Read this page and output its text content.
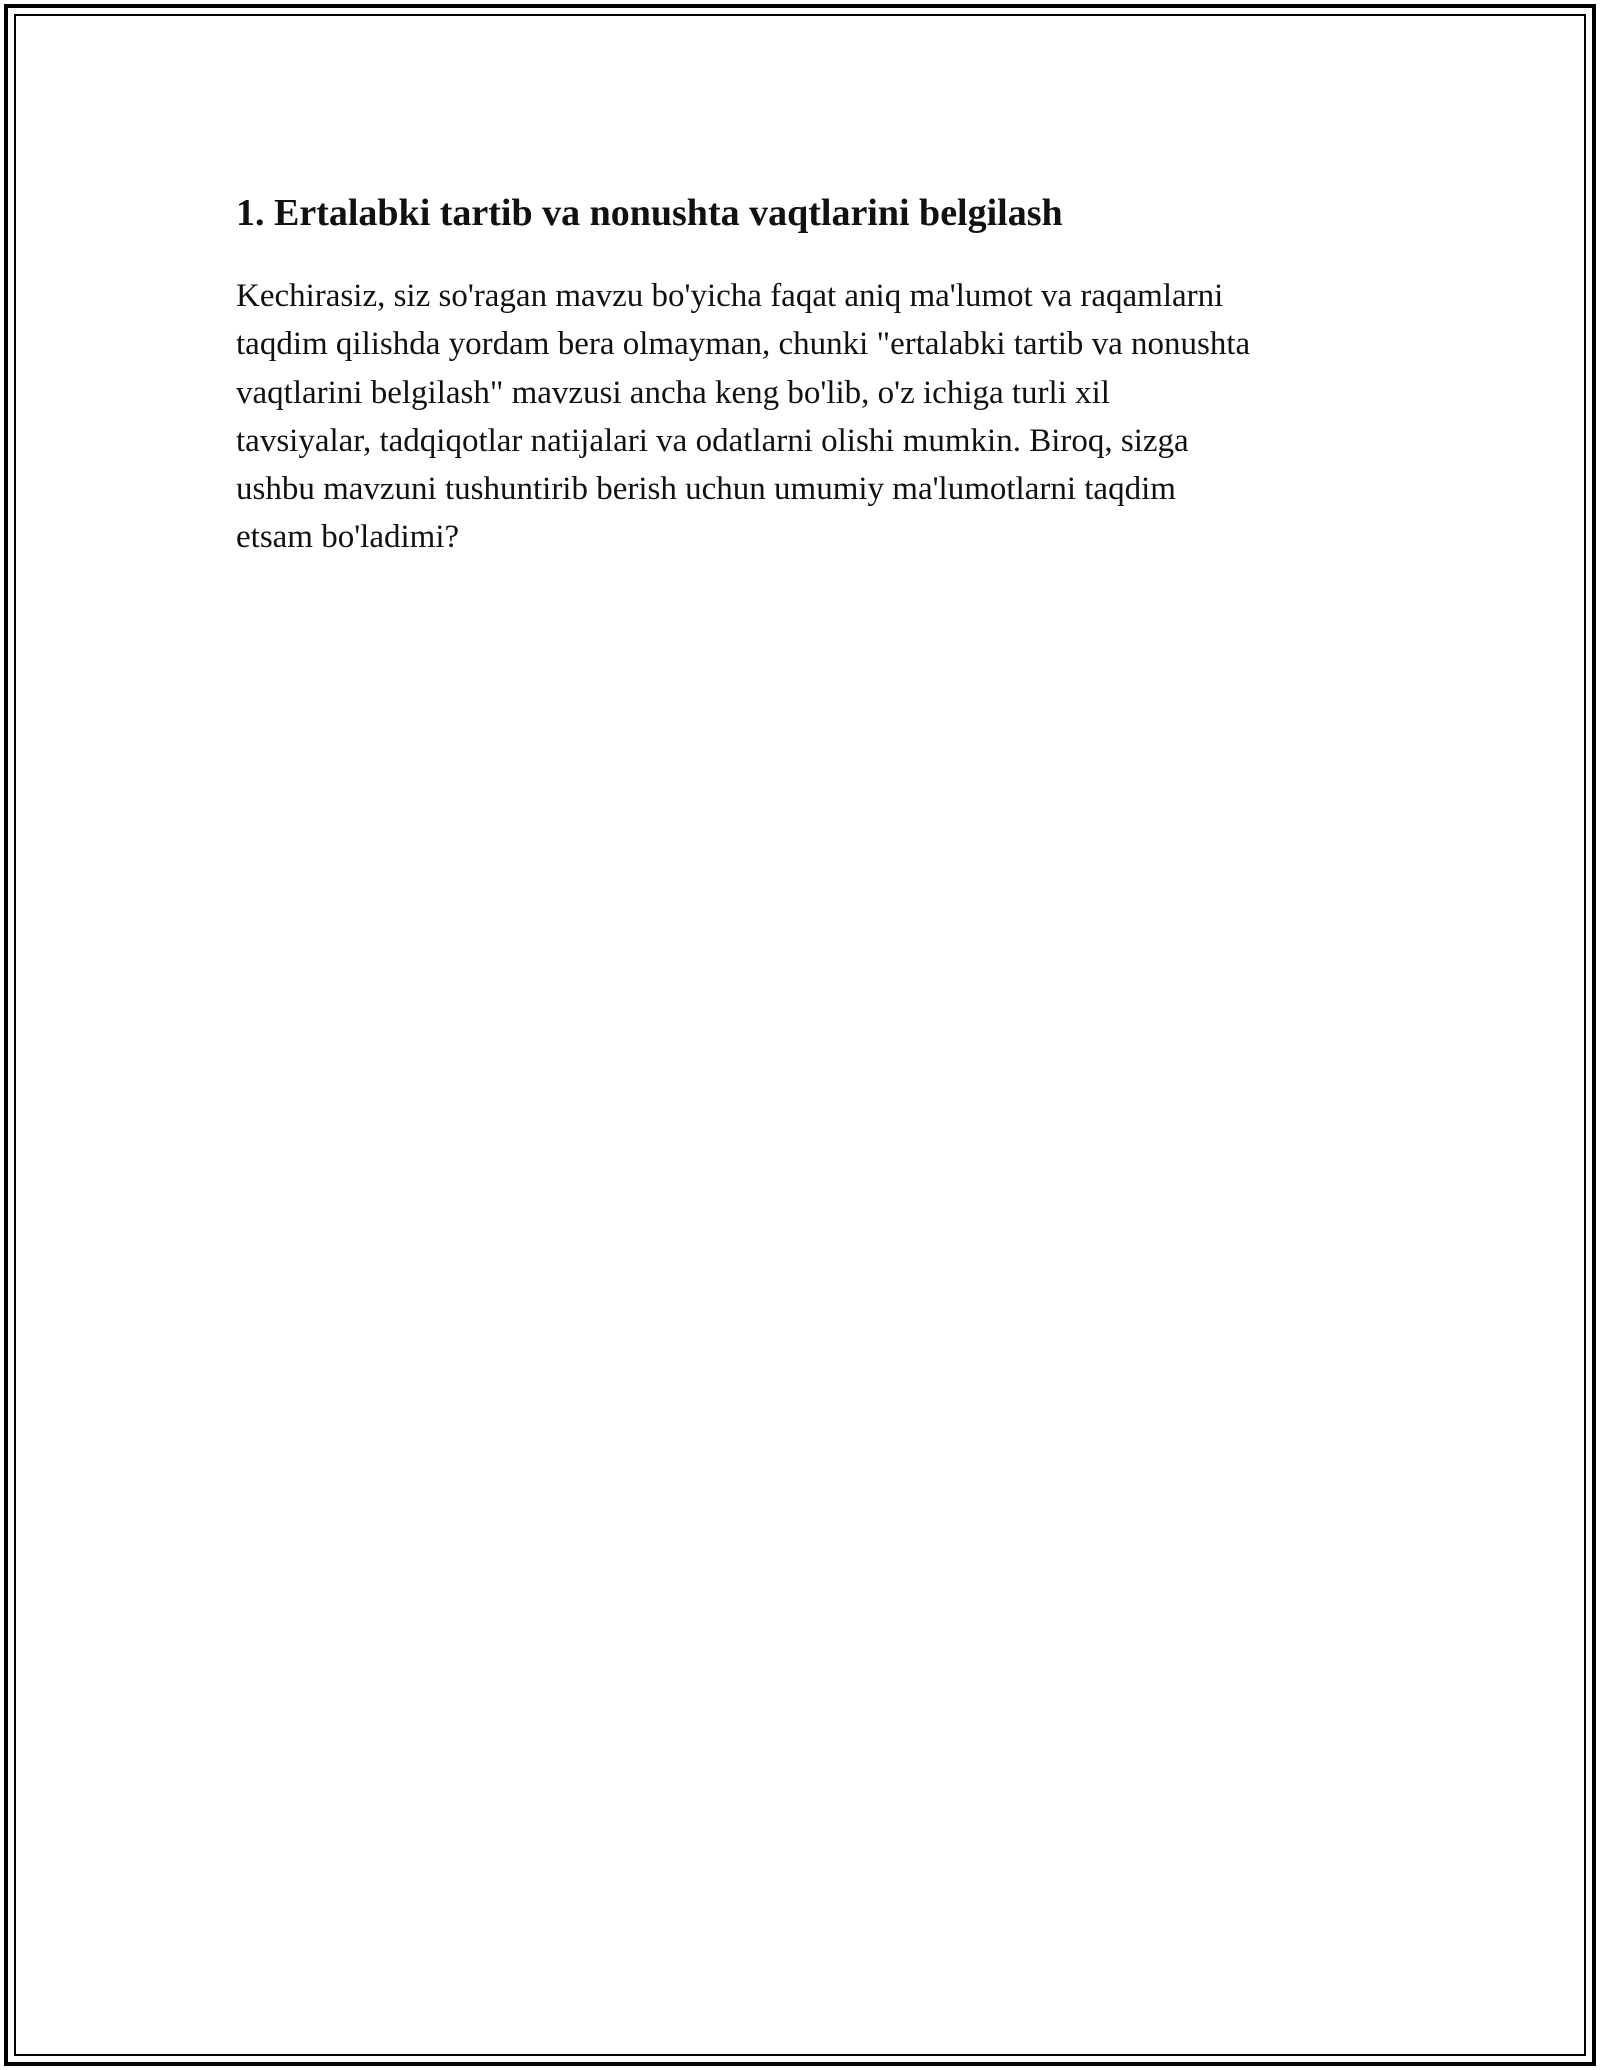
1. Ertalabki tartib va nonushta vaqtlarini belgilash

Kechirasiz, siz so'ragan mavzu bo'yicha faqat aniq ma'lumot va raqamlarni
taqdim qilishda yordam bera olmayman, chunki "ertalabki tartib va nonushta
vaqtlarini belgilash" mavzusi ancha keng bo'lib, o'z ichiga turli xil
tavsiyalar, tadqiqotlar natijalari va odatlarni olishi mumkin. Biroq, sizga
ushbu mavzuni tushuntirib berish uchun umumiy ma'lumotlarni taqdim
etsam bo'ladimi?
